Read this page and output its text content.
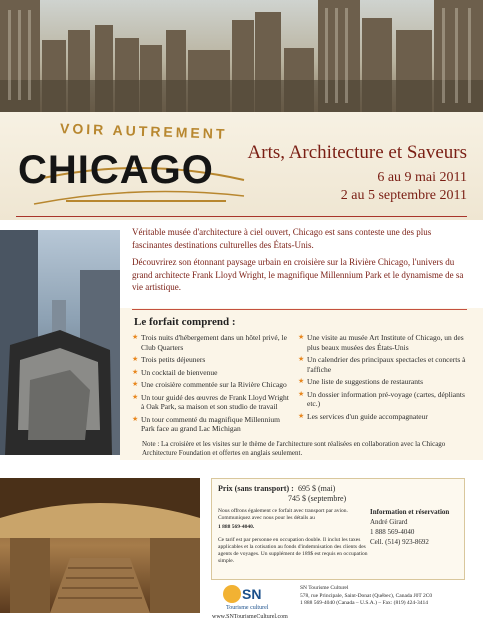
VOIR AUTREMENT
CHICAGO Arts, Architecture et Saveurs
6 au 9 mai 2011
2 au 5 septembre 2011

Véritable musée d'architecture à ciel ouvert, Chicago est sans conteste une des plus fascinantes destinations culturelles des États-Unis.

Découvrirez son étonnant paysage urbain en croisière sur la Rivière Chicago, l'univers du grand architecte Frank Lloyd Wright, le magnifique Millennium Park et le dynamisme de sa vie artistique.

Le forfait comprend :
★ Trois nuits d'hébergement dans un hôtel privé, le Club Quarters
★ Trois petits déjeuners
★ Un cocktail de bienvenue
★ Une croisière commentée sur la Rivière Chicago
★ Un tour guidé des œuvres de Frank Lloyd Wright à Oak Park, sa maison et son studio de travail
★ Un tour commenté du magnifique Millennium Park face au grand Lac Michigan
★ Une visite au musée Art Institute of Chicago, un des plus beaux musées des États-Unis
★ Un calendrier des principaux spectacles et concerts à l'affiche
★ Une liste de suggestions de restaurants
★ Un dossier information pré-voyage (cartes, dépliants etc.)
★ Les services d'un guide accompagnateur
Note : La croisière et les visites sur le thème de l'architecture sont réalisées en collaboration avec la Chicago Architecture Foundation et offertes en anglais seulement.
Prix (sans transport) : 695 $ (mai)
745 $ (septembre)
Nous offrons également ce forfait avec transport par avion. Communiquez avec nous pour les détails au
1 888 569-4040.
Ce tarif est par personne en occupation double. Il inclut les taxes applicables et la cotisation au fonds d'indemnisation des clients des agents de voyages. Un supplément de 189$ est requis en occupation simple.
Information et réservation
André Girard
1 888 569-4040
Cell. (514) 923-8692
SN
Tourisme culturel
SN Tourisme Culturel
578, rue Principale, Saint-Donat (Québec), Canada J0T 2C0
1 888 569-4040 (Canada – U.S.A.) – Fax: (819) 424-3414
www.SNTourismeCulturel.com
